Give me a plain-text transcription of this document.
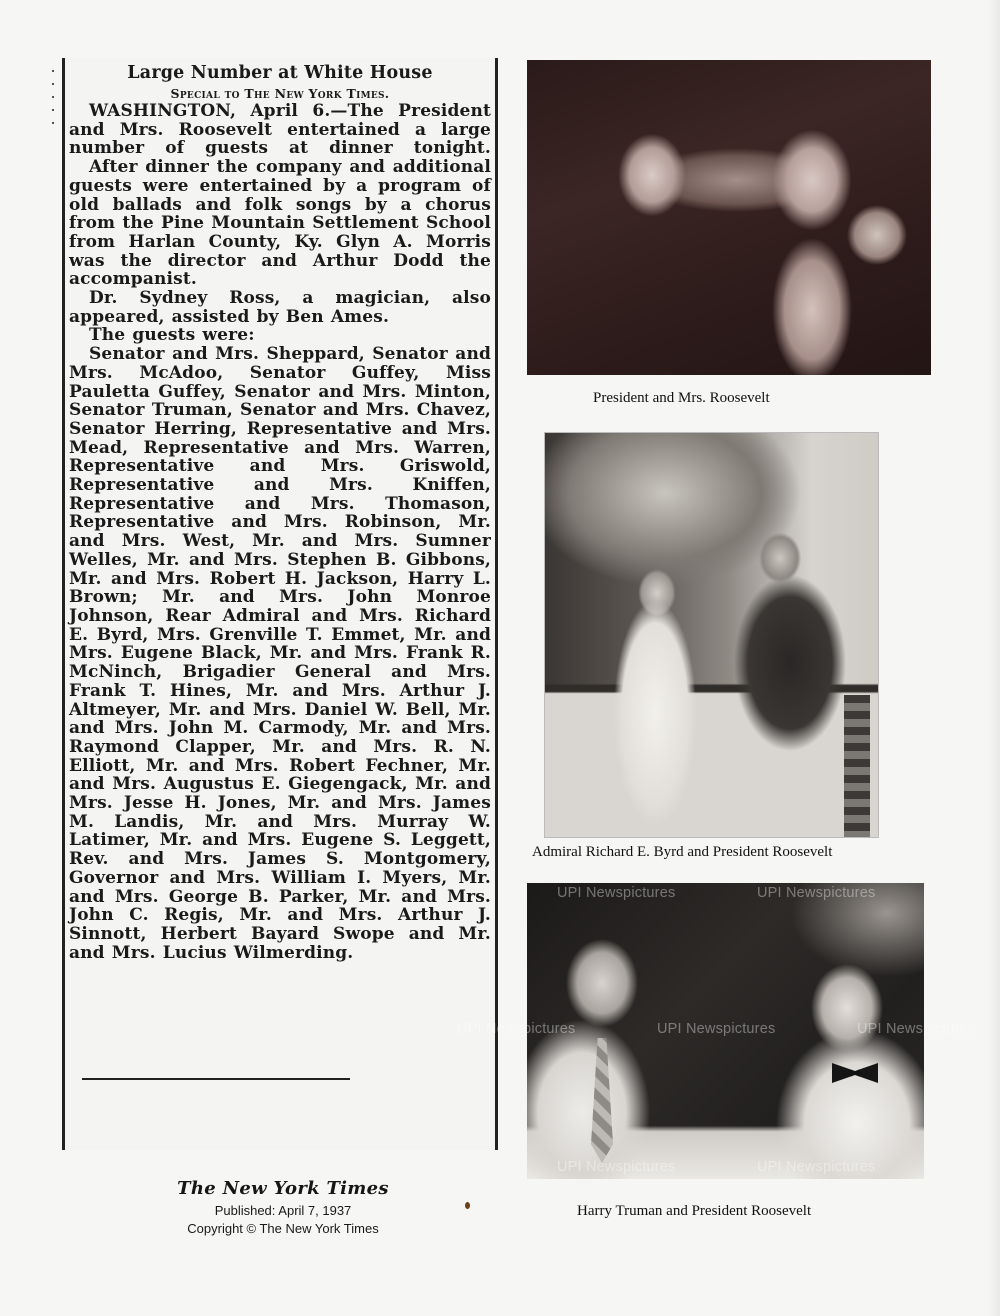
Large Number at White House

Special to The New York Times.

WASHINGTON, April 6.—The President and Mrs. Roosevelt entertained a large number of guests at dinner tonight.

After dinner the company and additional guests were entertained by a program of old ballads and folk songs by a chorus from the Pine Mountain Settlement School from Harlan County, Ky. Glyn A. Morris was the director and Arthur Dodd the accompanist.

Dr. Sydney Ross, a magician, also appeared, assisted by Ben Ames.

The guests were:

Senator and Mrs. Sheppard, Senator and Mrs. McAdoo, Senator Guffey, Miss Pauletta Guffey, Senator and Mrs. Minton, Senator Truman, Senator and Mrs. Chavez, Senator Herring, Representative and Mrs. Mead, Representative and Mrs. Warren, Representative and Mrs. Griswold, Representative and Mrs. Kniffen, Representative and Mrs. Thomason, Representative and Mrs. Robinson, Mr. and Mrs. West, Mr. and Mrs. Sumner Welles, Mr. and Mrs. Stephen B. Gibbons, Mr. and Mrs. Robert H. Jackson, Harry L. Brown; Mr. and Mrs. John Monroe Johnson, Rear Admiral and Mrs. Richard E. Byrd, Mrs. Grenville T. Emmet, Mr. and Mrs. Eugene Black, Mr. and Mrs. Frank R. McNinch, Brigadier General and Mrs. Frank T. Hines, Mr. and Mrs. Arthur J. Altmeyer, Mr. and Mrs. Daniel W. Bell, Mr. and Mrs. John M. Carmody, Mr. and Mrs. Raymond Clapper, Mr. and Mrs. R. N. Elliott, Mr. and Mrs. Robert Fechner, Mr. and Mrs. Augustus E. Giegengack, Mr. and Mrs. Jesse H. Jones, Mr. and Mrs. James M. Landis, Mr. and Mrs. Murray W. Latimer, Mr. and Mrs. Eugene S. Leggett, Rev. and Mrs. James S. Montgomery, Governor and Mrs. William I. Myers, Mr. and Mrs. George B. Parker, Mr. and Mrs. John C. Regis, Mr. and Mrs. Arthur J. Sinnott, Herbert Bayard Swope and Mr. and Mrs. Lucius Wilmerding.

The New York Times
Published: April 7, 1937
Copyright © The New York Times
President and Mrs. Roosevelt
Admiral Richard E. Byrd and President Roosevelt
UPI Newspictures	UPI Newspictures
UPI Newspictures	UPI Newspictures	UPI Newspictures
UPI Newspictures	UPI Newspictures
Harry Truman and President Roosevelt
